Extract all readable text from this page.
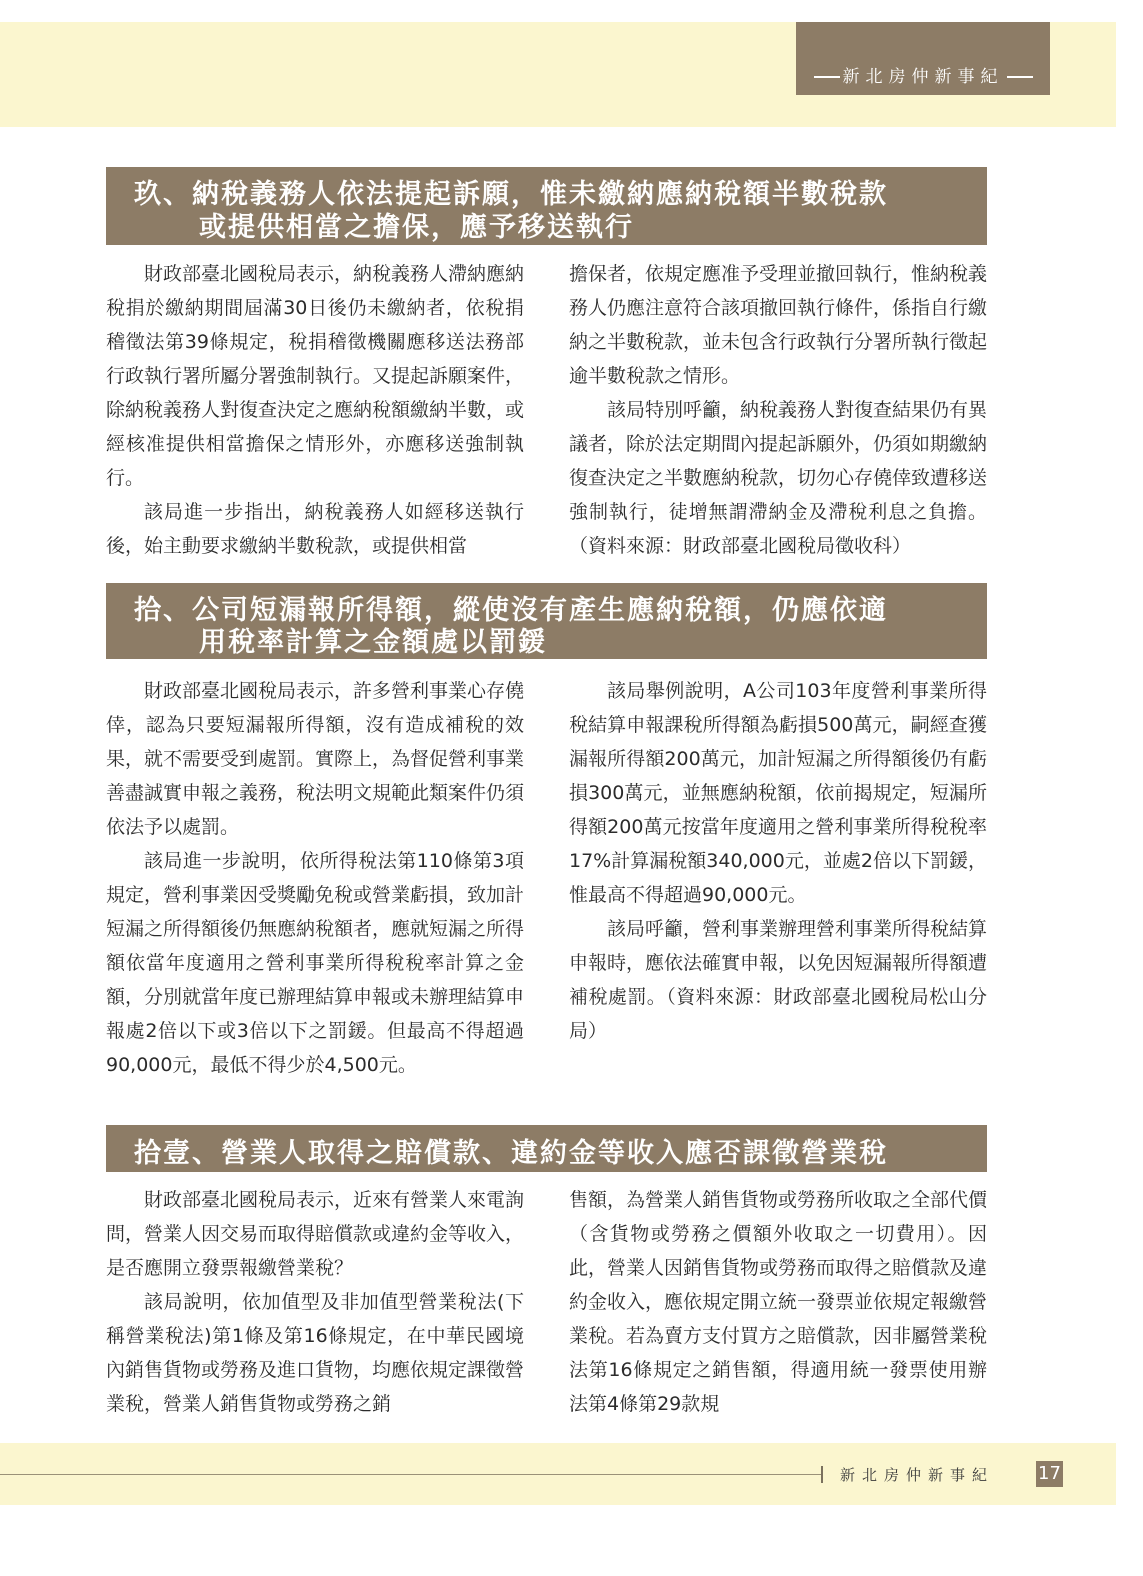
新北房仲新事紀
玖、納稅義務人依法提起訴願，惟未繳納應納稅額半數稅款
或提供相當之擔保，應予移送執行

財政部臺北國稅局表示，納稅義務人滯納應納稅捐於繳納期間屆滿30日後仍未繳納者，依稅捐稽徵法第39條規定，稅捐稽徵機關應移送法務部行政執行署所屬分署強制執行。又提起訴願案件，除納稅義務人對復查決定之應納稅額繳納半數，或經核准提供相當擔保之情形外，亦應移送強制執行。

該局進一步指出，納稅義務人如經移送執行後，始主動要求繳納半數稅款，或提供相當

擔保者，依規定應准予受理並撤回執行，惟納稅義務人仍應注意符合該項撤回執行條件，係指自行繳納之半數稅款，並未包含行政執行分署所執行徵起逾半數稅款之情形。

該局特別呼籲，納稅義務人對復查結果仍有異議者，除於法定期間內提起訴願外，仍須如期繳納復查決定之半數應納稅款，切勿心存僥倖致遭移送強制執行，徒增無謂滯納金及滯稅利息之負擔。（資料來源：財政部臺北國稅局徵收科）

拾、公司短漏報所得額，縱使沒有產生應納稅額，仍應依適
用稅率計算之金額處以罰鍰

財政部臺北國稅局表示，許多營利事業心存僥倖，認為只要短漏報所得額，沒有造成補稅的效果，就不需要受到處罰。實際上，為督促營利事業善盡誠實申報之義務，稅法明文規範此類案件仍須依法予以處罰。

該局進一步說明，依所得稅法第110條第3項規定，營利事業因受獎勵免稅或營業虧損，致加計短漏之所得額後仍無應納稅額者，應就短漏之所得額依當年度適用之營利事業所得稅稅率計算之金額，分別就當年度已辦理結算申報或未辦理結算申報處2倍以下或3倍以下之罰鍰。但最高不得超過90,000元，最低不得少於4,500元。

該局舉例說明，A公司103年度營利事業所得稅結算申報課稅所得額為虧損500萬元，嗣經查獲漏報所得額200萬元，加計短漏之所得額後仍有虧損300萬元，並無應納稅額，依前揭規定，短漏所得額200萬元按當年度適用之營利事業所得稅稅率17%計算漏稅額340,000元，並處2倍以下罰鍰，惟最高不得超過90,000元。

該局呼籲，營利事業辦理營利事業所得稅結算申報時，應依法確實申報，以免因短漏報所得額遭補稅處罰。（資料來源：財政部臺北國稅局松山分局）

拾壹、營業人取得之賠償款、違約金等收入應否課徵營業稅

財政部臺北國稅局表示，近來有營業人來電詢問，營業人因交易而取得賠償款或違約金等收入，是否應開立發票報繳營業稅？

該局說明，依加值型及非加值型營業稅法(下稱營業稅法)第1條及第16條規定，在中華民國境內銷售貨物或勞務及進口貨物，均應依規定課徵營業稅，營業人銷售貨物或勞務之銷

售額，為營業人銷售貨物或勞務所收取之全部代價（含貨物或勞務之價額外收取之一切費用）。因此，營業人因銷售貨物或勞務而取得之賠償款及違約金收入，應依規定開立統一發票並依規定報繳營業稅。若為賣方支付買方之賠償款，因非屬營業稅法第16條規定之銷售額，得適用統一發票使用辦法第4條第29款規

新北房仲新事紀 17
